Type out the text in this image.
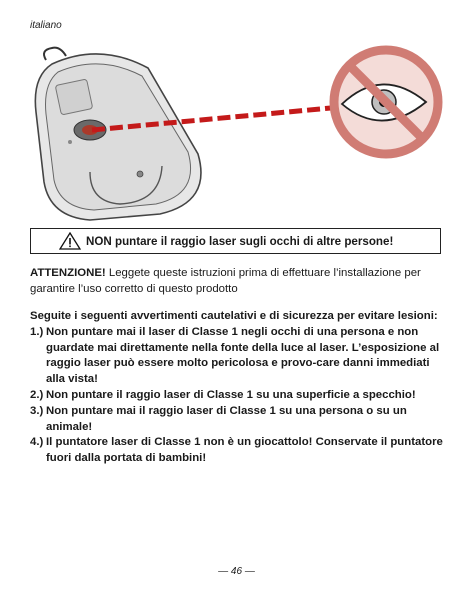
italiano
NON puntare il raggio laser sugli occhi di altre persone!
ATTENZIONE! Leggete queste istruzioni prima di effettuare l’installazione per garantire l’uso corretto di questo prodotto
Seguite i seguenti avvertimenti cautelativi e di sicurezza per evitare lesioni:
1.) Non puntare mai il laser di Classe 1 negli occhi di una persona e non guardate mai direttamente nella fonte della luce al laser. L’esposizione al raggio laser può essere molto pericolosa e provo-care danni immediati alla vista!
2.) Non puntare il raggio laser di Classe 1 su una superficie a specchio!
3.) Non puntare mai il raggio laser di Classe 1 su una persona o su un animale!
4.) Il puntatore laser di Classe 1 non è un giocattolo! Conservate il puntatore fuori dalla portata di bambini!
— 46 —
